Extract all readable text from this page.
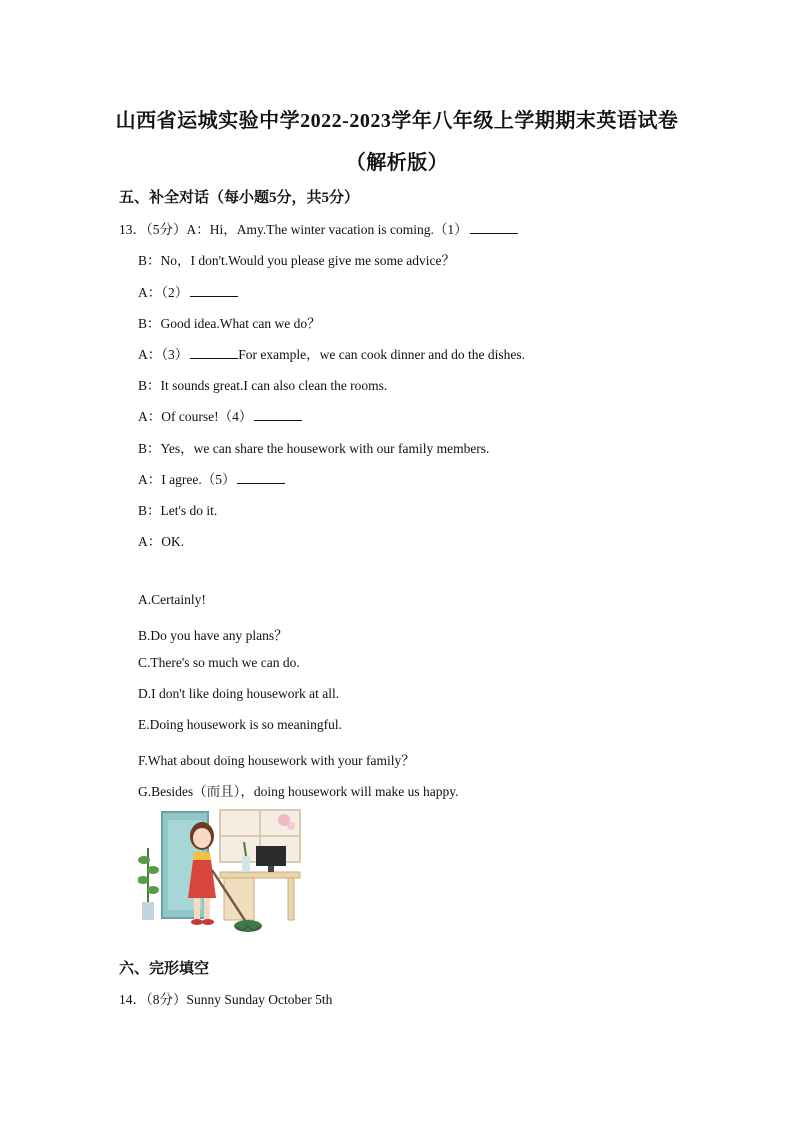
山西省运城实验中学2022-2023学年八年级上学期期末英语试卷
（解析版）
五、补全对话（每小题5分，共5分）
13．（5分）A：Hi，Amy.The winter vacation is coming.（1）
B：No，I don't.Would you please give me some advice？
A：（2）
B：Good idea.What can we do？
A：（3）	For example，we can cook dinner and do the dishes.
B：It sounds great.I can also clean the rooms.
A：Of course!（4）
B：Yes，we can share the housework with our family members.
A：I agree.（5）
B：Let's do it.
A：OK.
A.Certainly!
B.Do you have any plans？
C.There's so much we can do.
D.I don't like doing housework at all.
E.Doing housework is so meaningful.
F.What about doing housework with your family？
G.Besides（而且），doing housework will make us happy.
六、完形填空
14．（8分）Sunny Sunday October 5th
